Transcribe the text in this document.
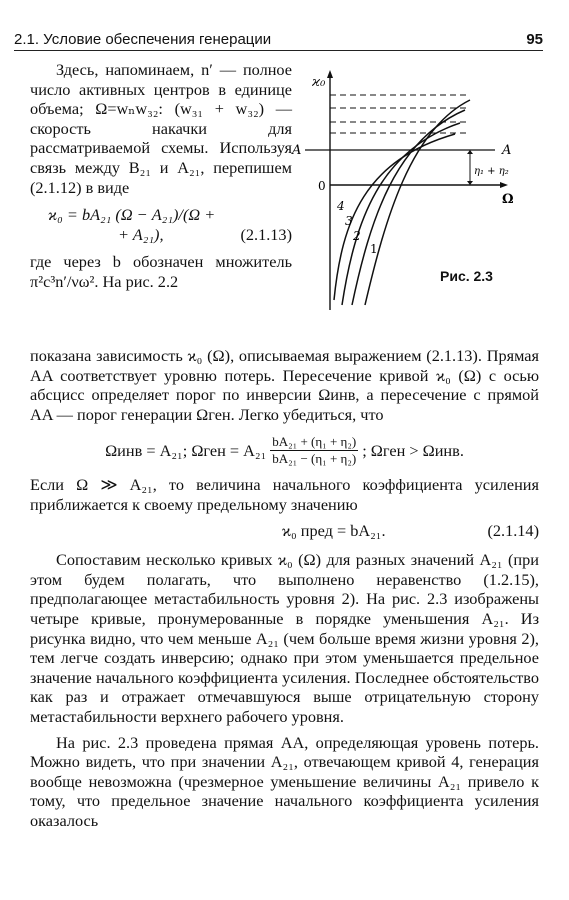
2.1. Условие обеспечения генерации	95
ϰ₀
Ω
0
A	A
η₁ + η₂
1
2
3
4
Рис. 2.3

Здесь, напоминаем, n′ — полное число активных центров в единице объема; Ω=wₙw₃₂: (w₃₁ + w₃₂) — скорость накачки для рассматриваемой схемы. Используя связь между B₂₁ и A₂₁, перепишем (2.1.12) в виде

ϰ₀ = bA₂₁ (Ω − A₂₁)/(Ω +
+ A₂₁),	(2.1.13)

где через b обозначен множитель π²c³n′/νω². На рис. 2.2

показана зависимость ϰ₀ (Ω), описываемая выражением (2.1.13). Прямая AA соответствует уровню потерь. Пересечение кривой ϰ₀ (Ω) с осью абсцисс определяет порог по инверсии Ωинв, а пересечение с прямой AA — порог генерации Ωген. Легко убедиться, что

Ωинв = A₂₁; $\Omega ген = A_{21} \frac{\text{bA₂₁ + (η₁ + η₂)}}{\text{bA₂₁ − (η₁ + η₂)}}$ ; Ωген > Ωинв.

Если Ω ≫ A₂₁, то величина начального коэффициента усиления приближается к своему предельному значению

ϰ₀ пред = bA₂₁.	(2.1.14)

Сопоставим несколько кривых ϰ₀ (Ω) для разных значений A₂₁ (при этом будем полагать, что выполнено неравенство (1.2.15), предполагающее метастабильность уровня 2). На рис. 2.3 изображены четыре кривые, пронумерованные в порядке уменьшения A₂₁. Из рисунка видно, что чем меньше A₂₁ (чем больше время жизни уровня 2), тем легче создать инверсию; однако при этом уменьшается предельное значение начального коэффициента усиления. Последнее обстоятельство как раз и отражает отмечавшуюся выше отрицательную сторону метастабильности верхнего рабочего уровня.

На рис. 2.3 проведена прямая AA, определяющая уровень потерь. Можно видеть, что при значении A₂₁, отвечающем кривой 4, генерация вообще невозможна (чрезмерное уменьшение величины A₂₁ привело к тому, что предельное значение начального коэффициента усиления оказалось
